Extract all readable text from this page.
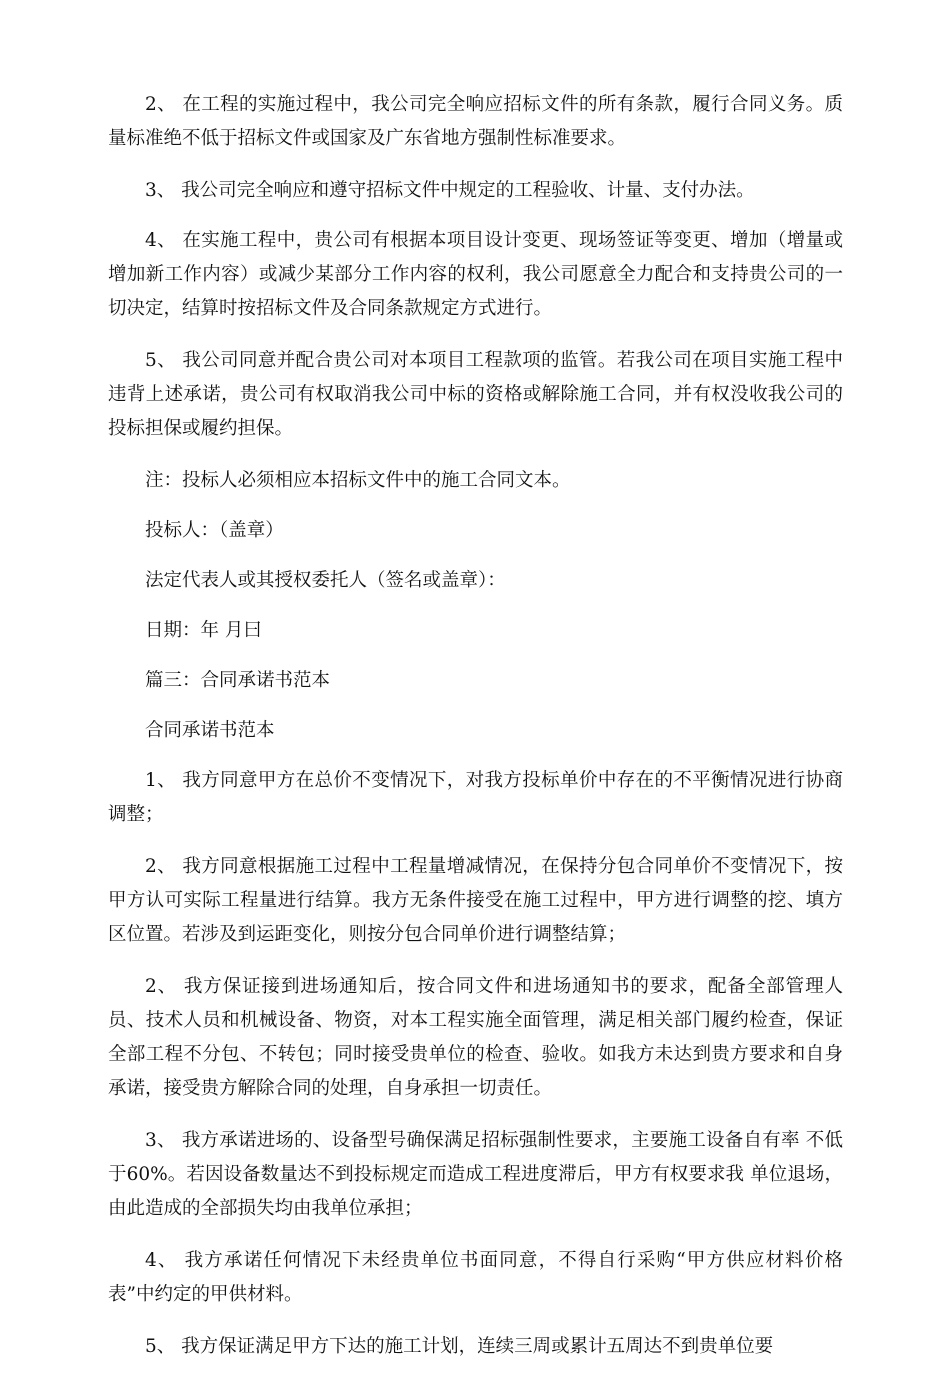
2、 在工程的实施过程中，我公司完全响应招标文件的所有条款，履行合同义务。质量标准绝不低于招标文件或国家及广东省地方强制性标准要求。

3、 我公司完全响应和遵守招标文件中规定的工程验收、计量、支付办法。

4、 在实施工程中，贵公司有根据本项目设计变更、现场签证等变更、增加（增量或增加新工作内容）或减少某部分工作内容的权利，我公司愿意全力配合和支持贵公司的一切决定，结算时按招标文件及合同条款规定方式进行。

5、 我公司同意并配合贵公司对本项目工程款项的监管。若我公司在项目实施工程中违背上述承诺，贵公司有权取消我公司中标的资格或解除施工合同，并有权没收我公司的投标担保或履约担保。

注：投标人必须相应本招标文件中的施工合同文本。

投标人：（盖章）

法定代表人或其授权委托人（签名或盖章）：

日期：年 月曰

篇三：合同承诺书范本

合同承诺书范本

1、 我方同意甲方在总价不变情况下，对我方投标单价中存在的不平衡情况进行协商调整；

2、 我方同意根据施工过程中工程量增减情况，在保持分包合同单价不变情况下，按甲方认可实际工程量进行结算。我方无条件接受在施工过程中，甲方进行调整的挖、填方区位置。若涉及到运距变化，则按分包合同单价进行调整结算；

2、 我方保证接到进场通知后，按合同文件和进场通知书的要求，配备全部管理人员、技术人员和机械设备、物资，对本工程实施全面管理，满足相关部门履约检查，保证全部工程不分包、不转包；同时接受贵单位的检查、验收。如我方未达到贵方要求和自身承诺，接受贵方解除合同的处理，自身承担一切责任。

3、 我方承诺进场的、设备型号确保满足招标强制性要求，主要施工设备自有率 不低于60%。若因设备数量达不到投标规定而造成工程进度滞后，甲方有权要求我 单位退场，由此造成的全部损失均由我单位承担；

4、 我方承诺任何情况下未经贵单位书面同意，不得自行采购“甲方供应材料价格表”中约定的甲供材料。

5、 我方保证满足甲方下达的施工计划，连续三周或累计五周达不到贵单位要
